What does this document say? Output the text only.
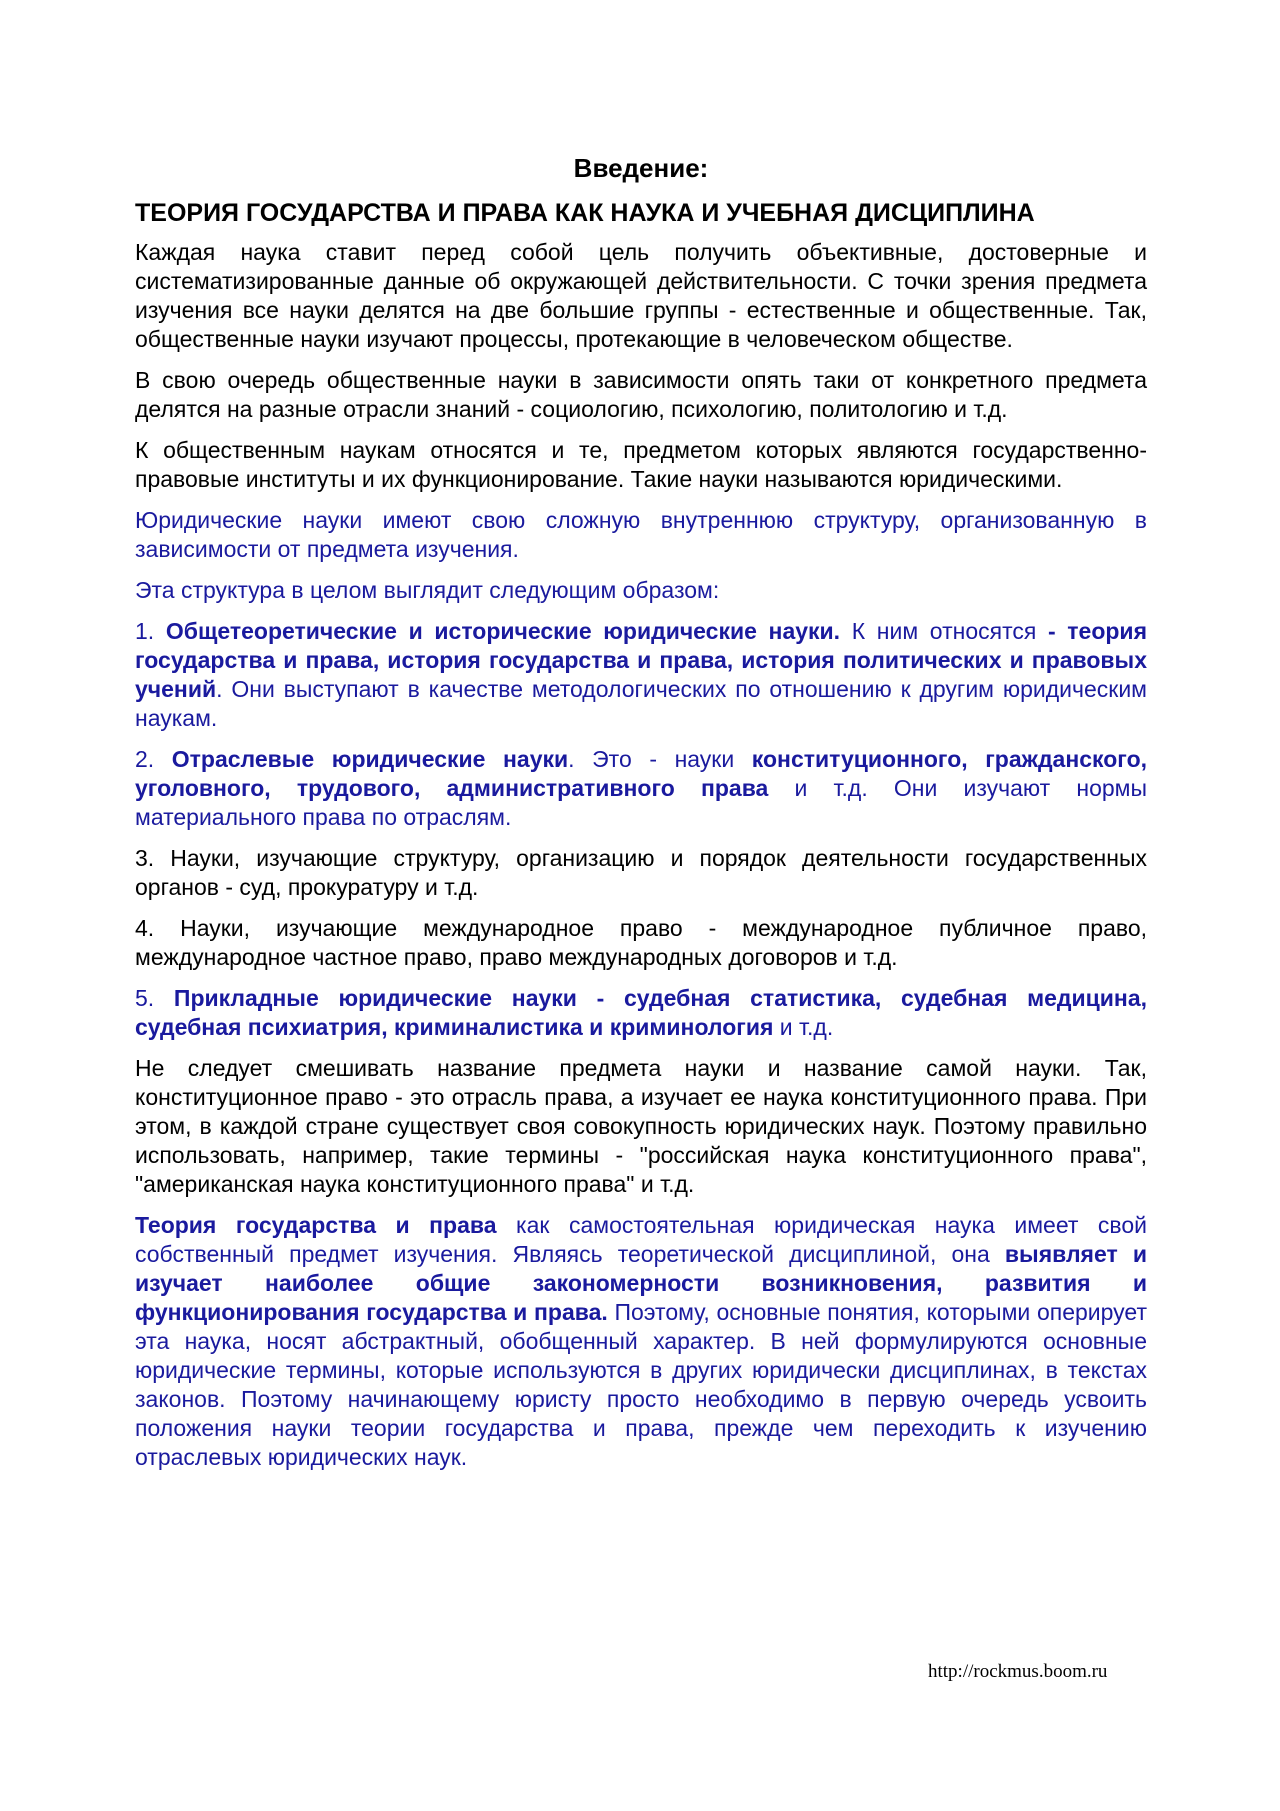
Введение:
ТЕОРИЯ ГОСУДАРСТВА И ПРАВА КАК НАУКА И УЧЕБНАЯ ДИСЦИПЛИНА

Каждая наука ставит перед собой цель получить объективные, достоверные и систематизированные данные об окружающей действительности. С точки зрения предмета изучения все науки делятся на две большие группы - естественные и общественные. Так, общественные науки изучают процессы, протекающие в человеческом обществе.

В свою очередь общественные науки в зависимости опять таки от конкретного предмета делятся на разные отрасли знаний - социологию, психологию, политологию и т.д.

К общественным наукам относятся и те, предметом которых являются государственно-правовые институты и их функционирование. Такие науки называются юридическими.

Юридические науки имеют свою сложную внутреннюю структуру, организованную в зависимости от предмета изучения.

Эта структура в целом выглядит следующим образом:

1. Общетеоретические и исторические юридические науки. К ним относятся - теория государства и права, история государства и права, история политических и правовых учений. Они выступают в качестве методологических по отношению к другим юридическим наукам.

2. Отраслевые юридические науки. Это - науки конституционного, гражданского, уголовного, трудового, административного права и т.д. Они изучают нормы материального права по отраслям.

3. Науки, изучающие структуру, организацию и порядок деятельности государственных органов - суд, прокуратуру и т.д.

4. Науки, изучающие международное право - международное публичное право, международное частное право, право международных договоров и т.д.

5. Прикладные юридические науки - судебная статистика, судебная медицина, судебная психиатрия, криминалистика и криминология и т.д.

Не следует смешивать название предмета науки и название самой науки. Так, конституционное право - это отрасль права, а изучает ее наука конституционного права. При этом, в каждой стране существует своя совокупность юридических наук. Поэтому правильно использовать, например, такие термины - "российская наука конституционного права", "американская наука конституционного права" и т.д.

Теория государства и права как самостоятельная юридическая наука имеет свой собственный предмет изучения. Являясь теоретической дисциплиной, она выявляет и изучает наиболее общие закономерности возникновения, развития и функционирования государства и права. Поэтому, основные понятия, которыми оперирует эта наука, носят абстрактный, обобщенный характер. В ней формулируются основные юридические термины, которые используются в других юридически дисциплинах, в текстах законов. Поэтому начинающему юристу просто необходимо в первую очередь усвоить положения науки теории государства и права, прежде чем переходить к изучению отраслевых юридических наук.

http://rockmus.boom.ru
